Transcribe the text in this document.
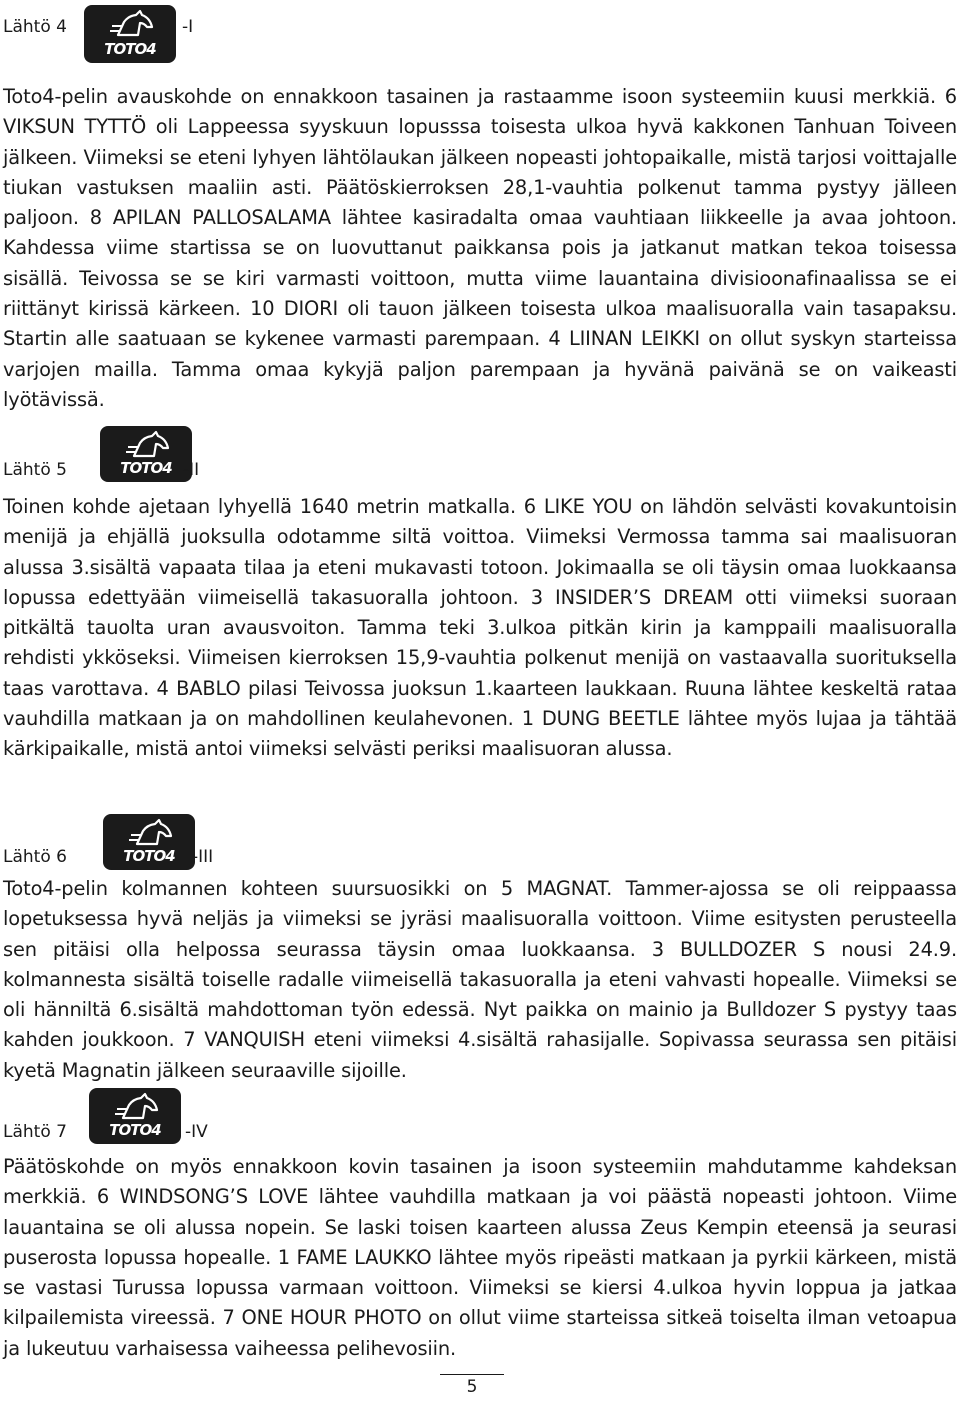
Lähtö 4
TOTO4
-I

Toto4-pelin avauskohde on ennakkoon tasainen ja rastaamme isoon systeemiin kuusi merkkiä. 6 VIKSUN TYTTÖ oli Lappeessa syyskuun lopusssa toisesta ulkoa hyvä kakkonen Tanhuan Toiveen jälkeen. Viimeksi se eteni lyhyen lähtölaukan jälkeen nopeasti johtopaikalle, mistä tarjosi voittajalle tiukan vastuksen maaliin asti. Päätöskierroksen 28,1-vauhtia polkenut tamma pystyy jälleen paljoon. 8 APILAN PALLOSALAMA lähtee kasiradalta omaa vauhtiaan liikkeelle ja avaa johtoon. Kahdessa viime startissa se on luovuttanut paikkansa pois ja jatkanut matkan tekoa toisessa sisällä. Teivossa se se kiri varmasti voittoon, mutta viime lauantaina divisioonafinaalissa se ei riittänyt kirissä kärkeen. 10 DIORI oli tauon jälkeen toisesta ulkoa maalisuoralla vain tasapaksu. Startin alle saatuaan se kykenee varmasti parempaan. 4 LIINAN LEIKKI on ollut syskyn starteissa varjojen mailla. Tamma omaa kykyjä paljon parempaan ja hyvänä paivänä se on vaikeasti lyötävissä.

Lähtö 5	TOTO4 -II

Toinen kohde ajetaan lyhyellä 1640 metrin matkalla. 6 LIKE YOU on lähdön selvästi kovakuntoisin menijä ja ehjällä juoksulla odotamme siltä voittoa. Viimeksi Vermossa tamma sai maalisuoran alussa 3.sisältä vapaata tilaa ja eteni mukavasti totoon. Jokimaalla se oli täysin omaa luokkaansa lopussa edettyään viimeisellä takasuoralla johtoon. 3 INSIDER’S DREAM otti viimeksi suoraan pitkältä tauolta uran avausvoiton. Tamma teki 3.ulkoa pitkän kirin ja kamppaili maalisuoralla rehdisti ykköseksi. Viimeisen kierroksen 15,9-vauhtia polkenut menijä on vastaavalla suorituksella taas varottava. 4 BABLO pilasi Teivossa juoksun 1.kaarteen laukkaan. Ruuna lähtee keskeltä rataa vauhdilla matkaan ja on mahdollinen keulahevonen. 1 DUNG BEETLE lähtee myös lujaa ja tähtää kärkipaikalle, mistä antoi viimeksi selvästi periksi maalisuoran alussa.

Lähtö 6	TOTO4	-III

Toto4-pelin kolmannen kohteen suursuosikki on 5 MAGNAT. Tammer-ajossa se oli reippaassa lopetuksessa hyvä neljäs ja viimeksi se jyräsi maalisuoralla voittoon. Viime esitysten perusteella sen pitäisi olla helpossa seurassa täysin omaa luokkaansa. 3 BULLDOZER S nousi 24.9. kolmannesta sisältä toiselle radalle viimeisellä takasuoralla ja eteni vahvasti hopealle. Viimeksi se oli hänniltä 6.sisältä mahdottoman työn edessä. Nyt paikka on mainio ja Bulldozer S pystyy taas kahden joukkoon. 7 VANQUISH eteni viimeksi 4.sisältä rahasijalle. Sopivassa seurassa sen pitäisi kyetä Magnatin jälkeen seuraaville sijoille.

Lähtö 7	TOTO4	-IV

Päätöskohde on myös ennakkoon kovin tasainen ja isoon systeemiin mahdutamme kahdeksan merkkiä. 6 WINDSONG’S LOVE lähtee vauhdilla matkaan ja voi päästä nopeasti johtoon. Viime lauantaina se oli alussa nopein. Se laski toisen kaarteen alussa Zeus Kempin eteensä ja seurasi puserosta lopussa hopealle. 1 FAME LAUKKO lähtee myös ripeästi matkaan ja pyrkii kärkeen, mistä se vastasi Turussa lopussa varmaan voittoon. Viimeksi se kiersi 4.ulkoa hyvin loppua ja jatkaa kilpailemista vireessä. 7 ONE HOUR PHOTO on ollut viime starteissa sitkeä toiselta ilman vetoapua ja lukeutuu varhaisessa vaiheessa pelihevosiin.

5
